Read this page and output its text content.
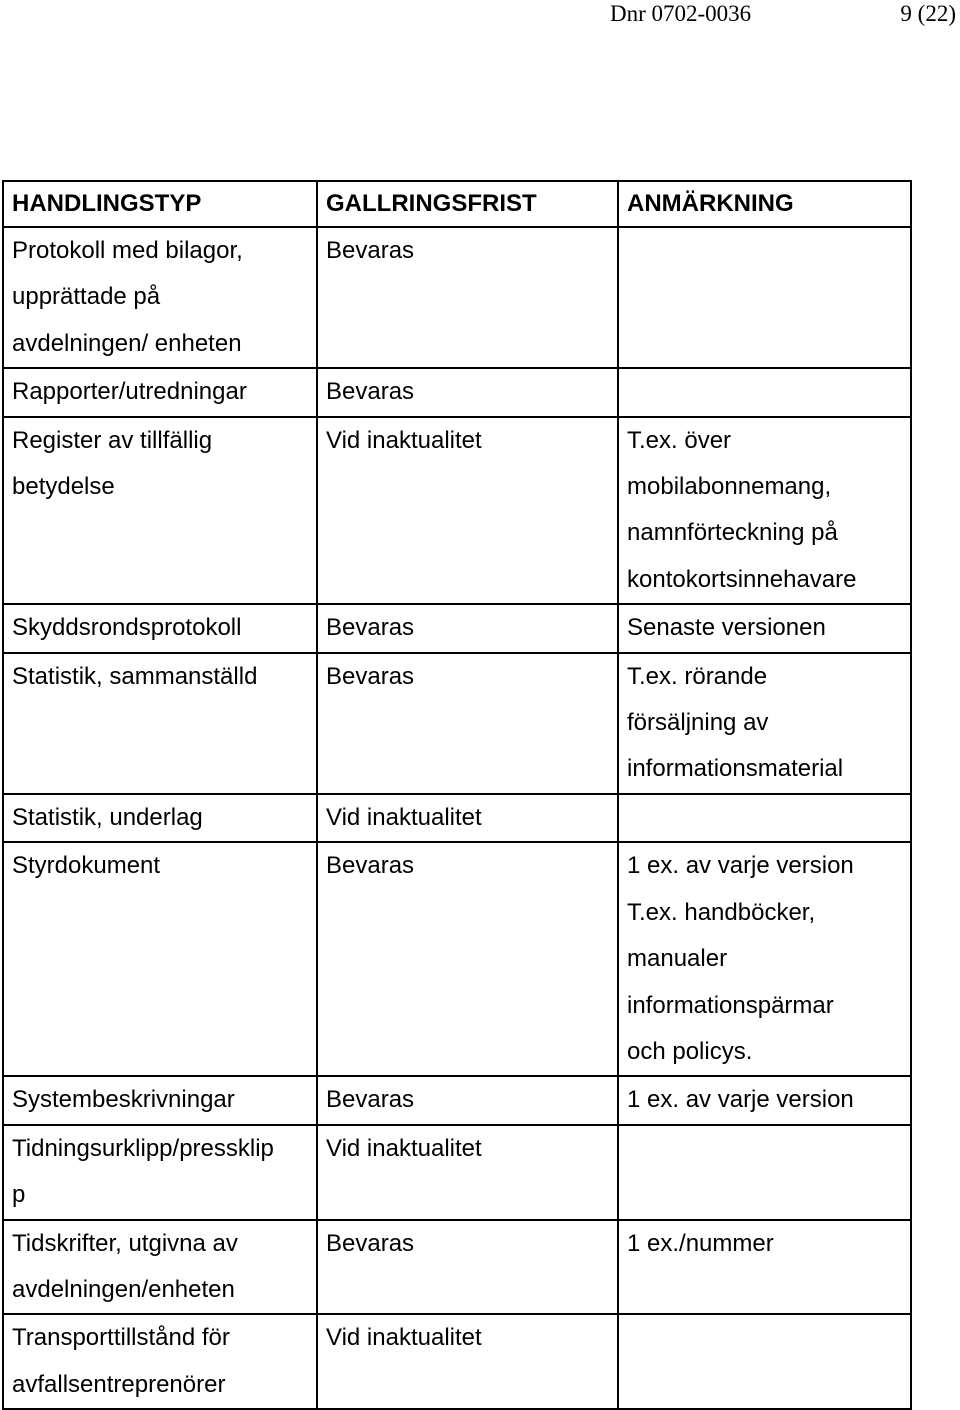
Dnr 0702-0036	9 (22)
HANDLINGSTYP	GALLRINGSFRIST	ANMÄRKNING
Protokoll med bilagor,
upprättade på
avdelningen/ enheten	Bevaras	
Rapporter/utredningar	Bevaras	
Register av tillfällig
betydelse	Vid inaktualitet	T.ex. över
mobilabonnemang,
namnförteckning på
kontokortsinnehavare
Skyddsrondsprotokoll	Bevaras	Senaste versionen
Statistik, sammanställd	Bevaras	T.ex. rörande
försäljning av
informationsmaterial
Statistik, underlag	Vid inaktualitet	
Styrdokument	Bevaras	1 ex. av varje version
T.ex. handböcker,
manualer
informationspärmar
och policys.
Systembeskrivningar	Bevaras	1 ex. av varje version
Tidningsurklipp/pressklip
p	Vid inaktualitet	
Tidskrifter, utgivna av
avdelningen/enheten	Bevaras	1 ex./nummer
Transporttillstånd för
avfallsentreprenörer	Vid inaktualitet	
